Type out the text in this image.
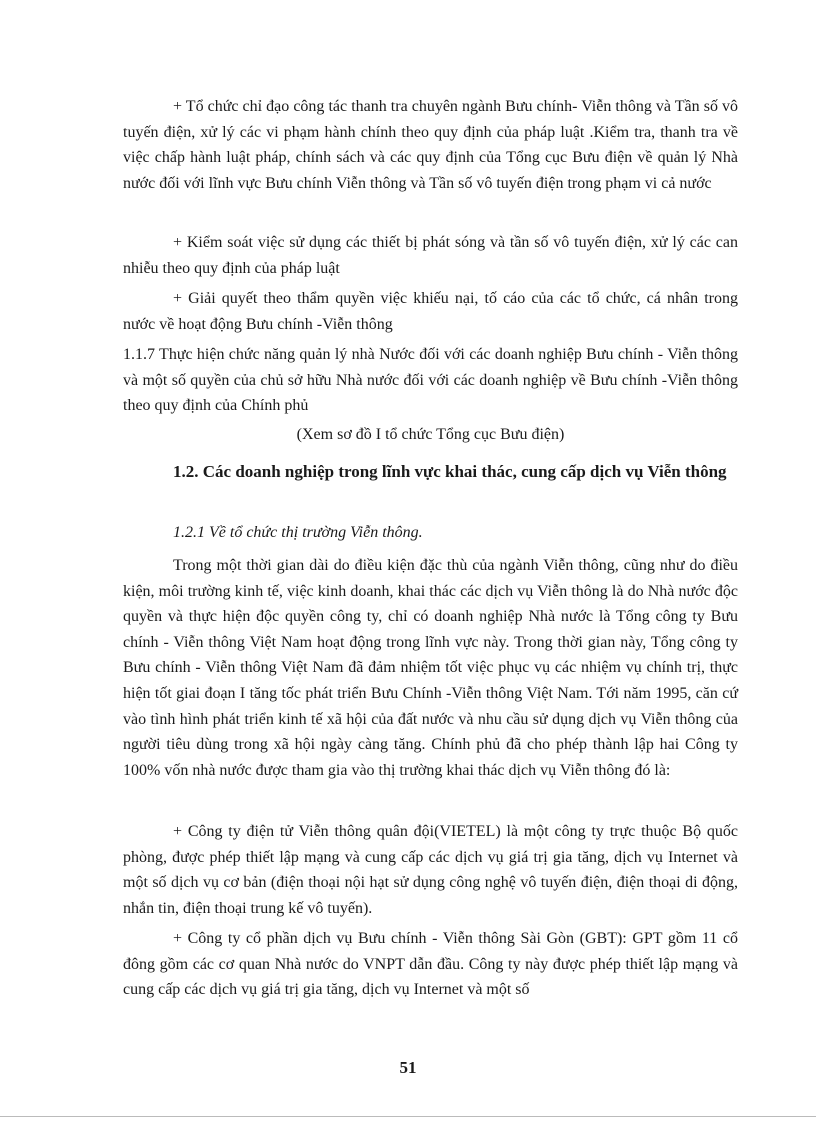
+ Tổ chức chỉ đạo công tác thanh tra chuyên ngành Bưu chính- Viễn thông và Tần số vô tuyến điện, xử lý các vi phạm hành chính theo quy định của pháp luật .Kiểm tra, thanh tra về việc chấp hành luật pháp, chính sách và các quy định của Tổng cục Bưu điện về quản lý Nhà nước đối với lĩnh vực Bưu chính Viễn thông và Tần số vô tuyến điện trong phạm vi cả nước

+ Kiểm soát việc sử dụng các thiết bị phát sóng và tần số vô tuyến điện, xử lý các can nhiễu theo quy định của pháp luật

+ Giải quyết theo thẩm quyền việc khiếu nại, tố cáo của các tổ chức, cá nhân trong nước về hoạt động Bưu chính -Viễn thông

1.1.7 Thực hiện chức năng quản lý nhà Nước đối với các doanh nghiệp Bưu chính - Viễn thông và một số quyền của chủ sở hữu Nhà nước đối với các doanh nghiệp về Bưu chính -Viễn thông theo quy định của Chính phủ

(Xem sơ đồ I tổ chức Tổng cục Bưu điện)

1.2. Các doanh nghiệp trong lĩnh vực khai thác, cung cấp dịch vụ Viễn thông

1.2.1 Về tổ chức thị trường Viễn thông.

Trong một thời gian dài do điều kiện đặc thù của ngành Viễn thông, cũng như do điều kiện, môi trường kinh tế, việc kinh doanh, khai thác các dịch vụ Viễn thông là do Nhà nước độc quyền và thực hiện độc quyền công ty, chỉ có doanh nghiệp Nhà nước là Tổng công ty Bưu chính - Viễn thông Việt Nam hoạt động trong lĩnh vực này. Trong thời gian này, Tổng công ty Bưu chính - Viễn thông Việt Nam đã đảm nhiệm tốt việc phục vụ các nhiệm vụ chính trị, thực hiện tốt giai đoạn I tăng tốc phát triển Bưu Chính -Viễn thông Việt Nam. Tới năm 1995, căn cứ vào tình hình phát triển kinh tế xã hội của đất nước và nhu cầu sử dụng dịch vụ Viễn thông của người tiêu dùng trong xã hội ngày càng tăng. Chính phủ đã cho phép thành lập hai Công ty 100% vốn nhà nước được tham gia vào thị trường khai thác dịch vụ Viễn thông đó là:

+ Công ty điện tử Viễn thông quân đội(VIETEL) là một công ty trực thuộc Bộ quốc phòng, được phép thiết lập mạng và cung cấp các dịch vụ giá trị gia tăng, dịch vụ Internet và một số dịch vụ cơ bản (điện thoại nội hạt sử dụng công nghệ vô tuyến điện, điện thoại di động, nhắn tin, điện thoại trung kế vô tuyến).

+ Công ty cổ phần dịch vụ Bưu chính - Viễn thông Sài Gòn (GBT): GPT gồm 11 cổ đông gồm các cơ quan Nhà nước do VNPT dẫn đầu. Công ty này được phép thiết lập mạng và cung cấp các dịch vụ giá trị gia tăng, dịch vụ Internet và một số

51
